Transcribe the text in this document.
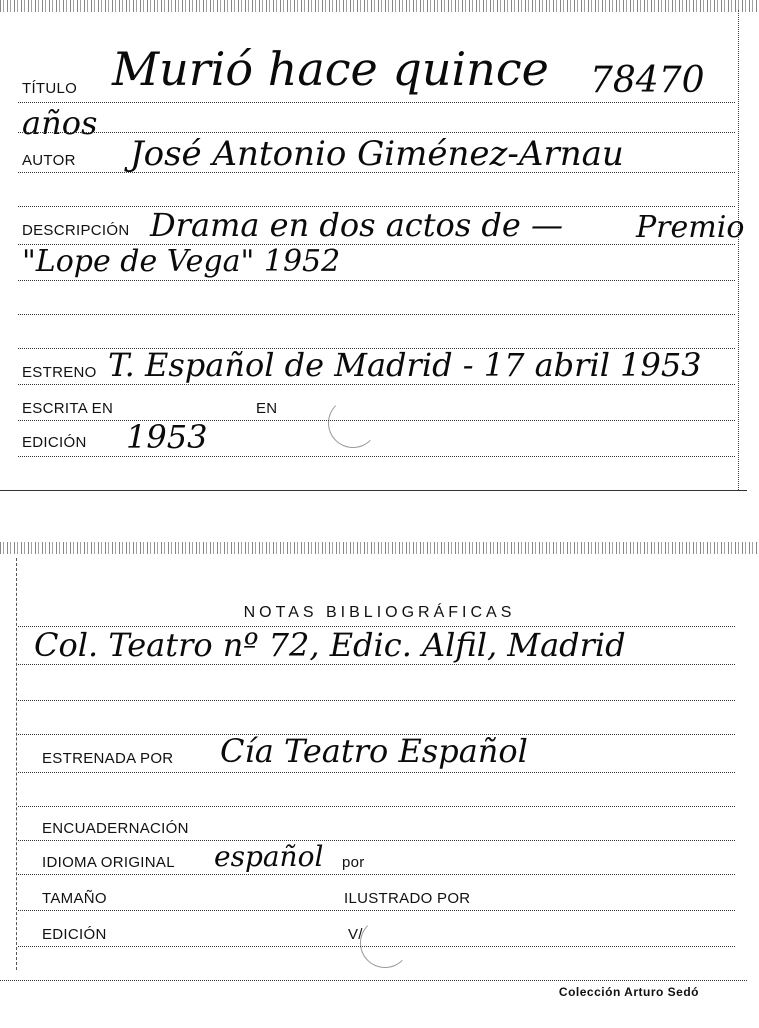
TÍTULO Murió hace quince 78470
años
AUTOR José Antonio Giménez-Arnau
DESCRIPCIÓN Drama en dos actos de — Premio
"Lope de Vega" 1952
ESTRENO T. Español de Madrid - 17 abril 1953
ESCRITA EN	EN
EDICIÓN 1953
NOTAS BIBLIOGRÁFICAS
Col. Teatro nº 72, Edic. Alfil, Madrid
ESTRENADA POR Cía Teatro Español
ENCUADERNACIÓN
IDIOMA ORIGINAL español por
TAMAÑO	ILUSTRADO POR
EDICIÓN	V/
Colección Arturo Sedó
